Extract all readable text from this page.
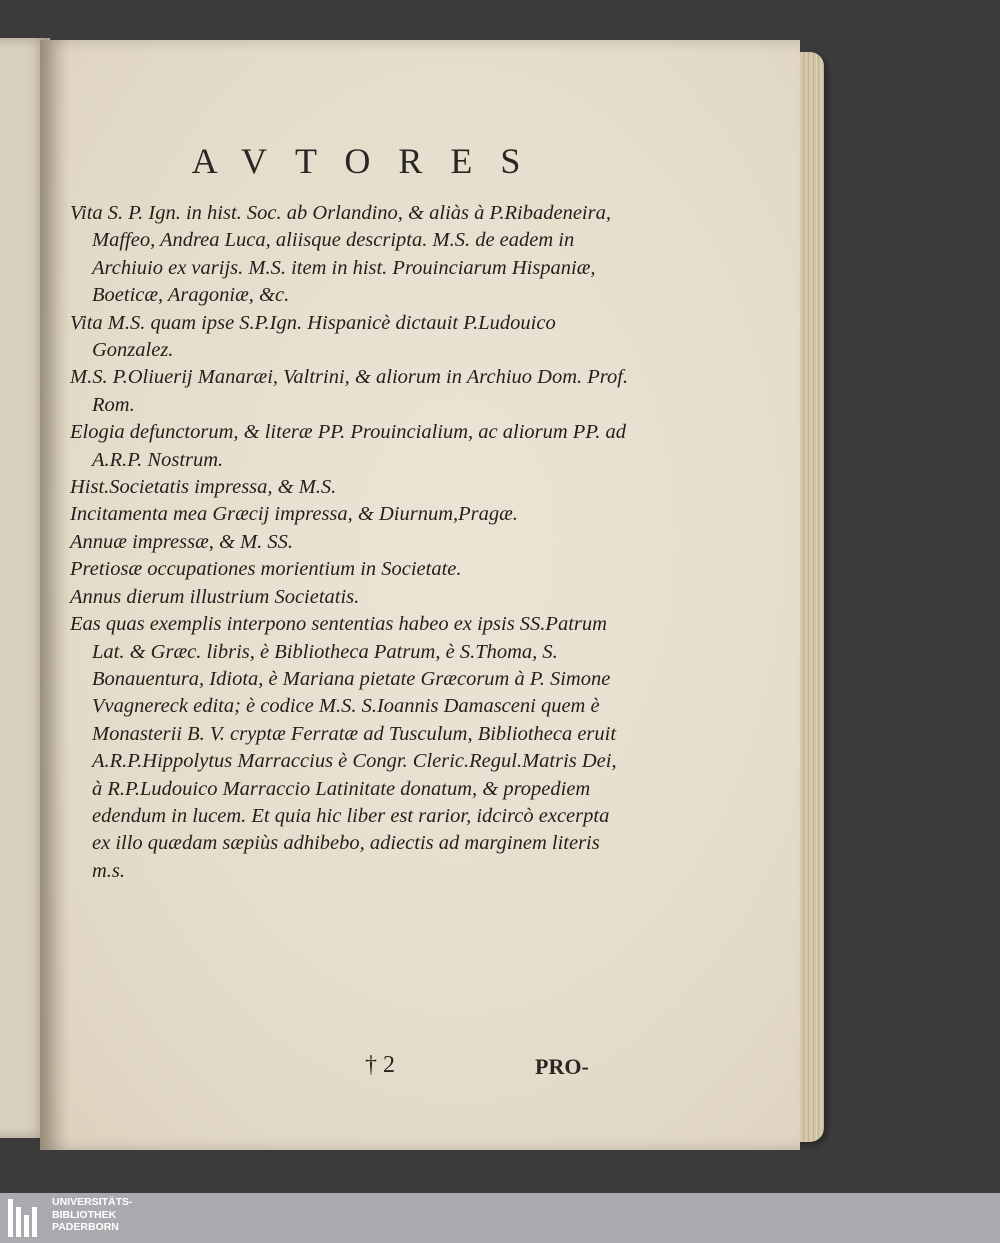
AVTORES
Vita S. P. Ign. in hist. Soc. ab Orlandino, & aliàs à P.Ribadeneira, Maffeo, Andrea Luca, aliisque descripta. M.S. de eadem in Archiuio ex varijs. M.S. item in hist. Prouinciarum Hispaniæ, Boeticæ, Aragoniæ, &c.
Vita M.S. quam ipse S.P.Ign. Hispanicè dictauit P.Ludouico Gonzalez.
M.S. P.Oliuerij Manaræi, Valtrini, & aliorum in Archiuo Dom. Prof. Rom.
Elogia defunctorum, & literæ PP. Prouincialium, ac aliorum PP. ad A.R.P. Nostrum.
Hist.Societatis impressa, & M.S.
Incitamenta mea Græcij impressa, & Diurnum,Pragæ.
Annuæ impressæ, & M. SS.
Pretiosæ occupationes morientium in Societate.
Annus dierum illustrium Societatis.
Eas quas exemplis interpono sententias habeo ex ipsis SS.Patrum Lat. & Græc. libris, è Bibliotheca Patrum, è S.Thoma, S. Bonauentura, Idiota, è Mariana pietate Græcorum à P. Simone Vvagnereck edita; è codice M.S. S.Ioannis Damasceni quem è Monasterii B. V. cryptæ Ferratæ ad Tusculum, Bibliotheca eruit A.R.P.Hippolytus Marraccius è Congr. Cleric.Regul.Matris Dei, à R.P.Ludouico Marraccio Latinitate donatum, & propediem edendum in lucem. Et quia hic liber est rarior, idcircò excerpta ex illo quædam sæpiùs adhibebo, adiectis ad marginem literis m.s.
† 2	PRO-
UNIVERSITÄTS-
BIBLIOTHEK
PADERBORN
